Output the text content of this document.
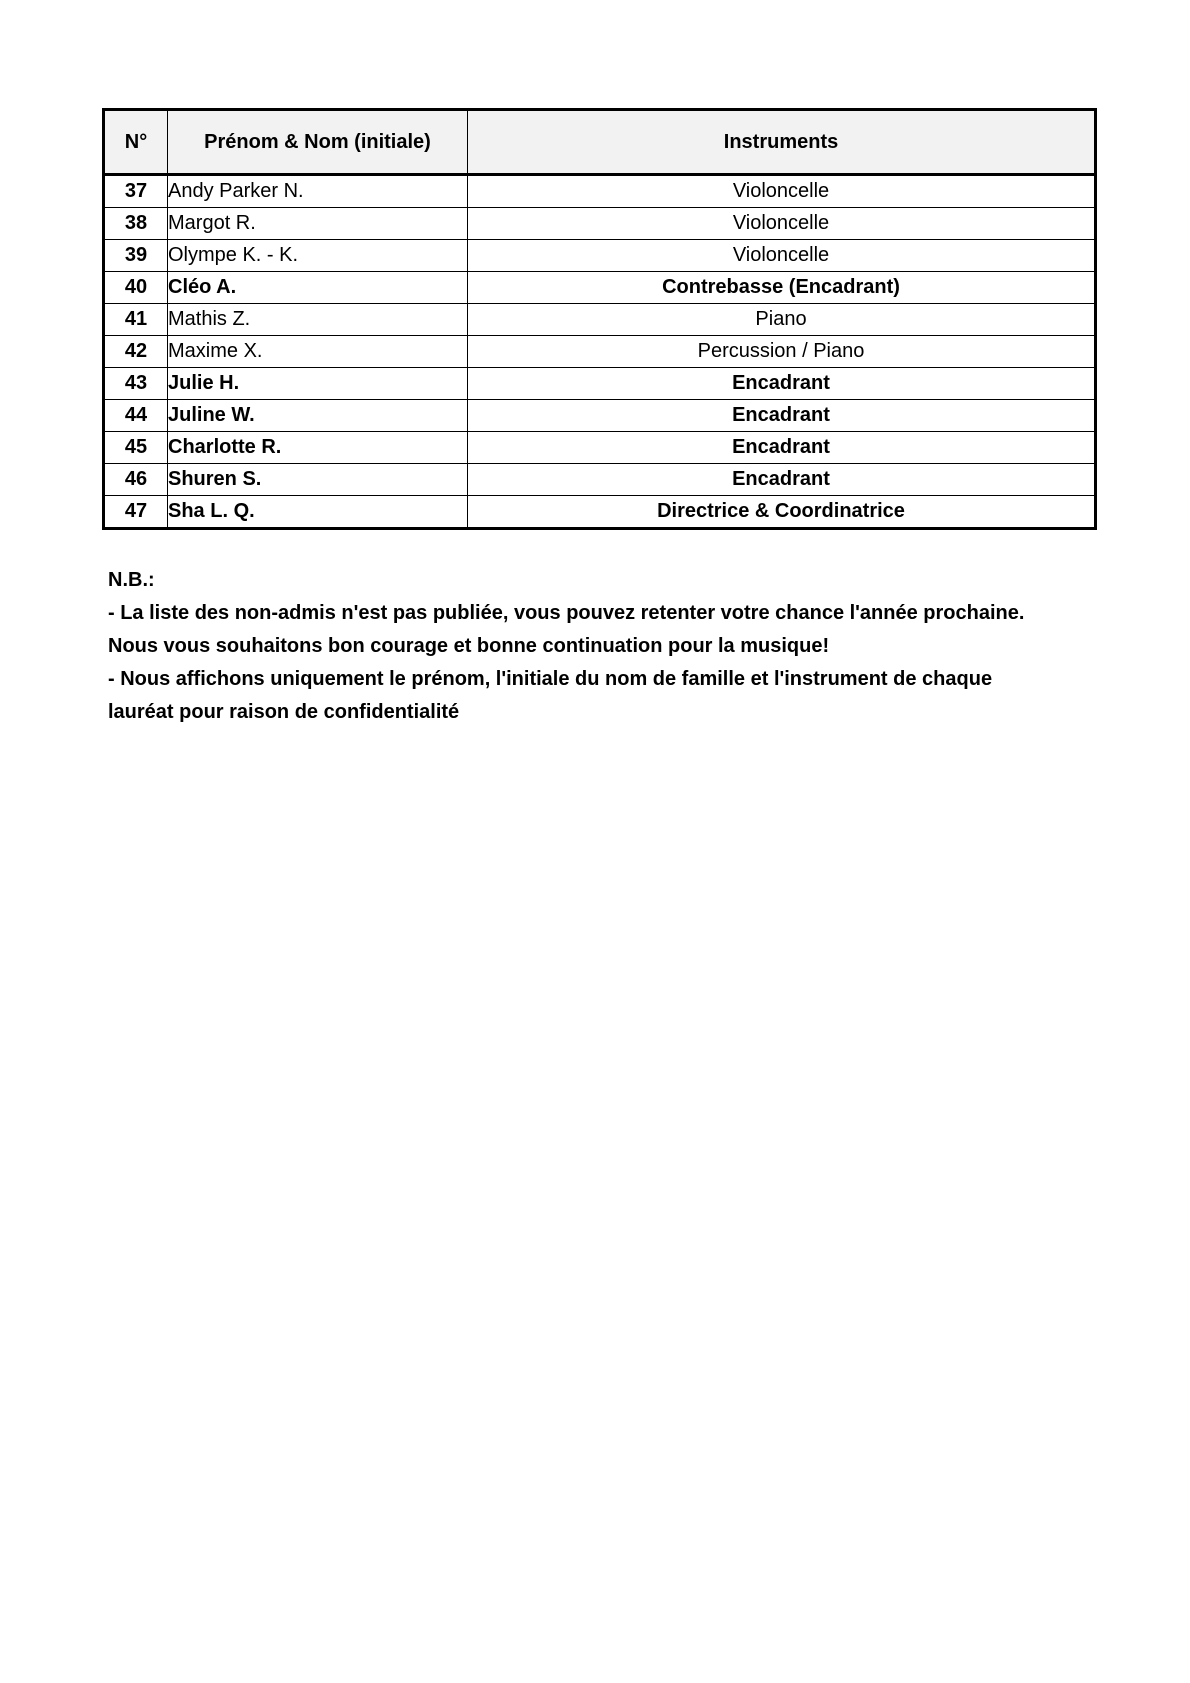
N°	Prénom & Nom (initiale)	Instruments
37	Andy Parker N.	Violoncelle
38	Margot R.	Violoncelle
39	Olympe K. - K.	Violoncelle
40	Cléo A.	Contrebasse (Encadrant)
41	Mathis Z.	Piano
42	Maxime X.	Percussion / Piano
43	Julie H.	Encadrant
44	Juline W.	Encadrant
45	Charlotte R.	Encadrant
46	Shuren S.	Encadrant
47	Sha L. Q.	Directrice & Coordinatrice

N.B.:

- La liste des non-admis n'est pas publiée, vous pouvez retenter votre chance l'année prochaine.

Nous vous souhaitons bon courage et bonne continuation pour la musique!

- Nous affichons uniquement le prénom, l'initiale du nom de famille et l'instrument de chaque

lauréat pour raison de confidentialité
